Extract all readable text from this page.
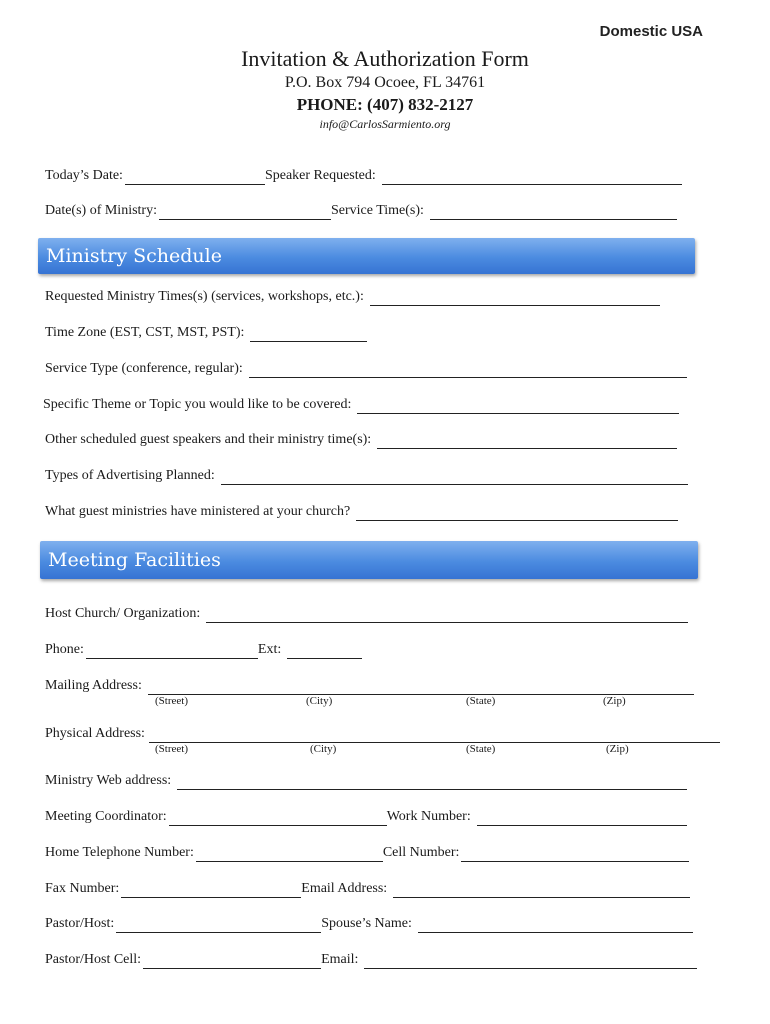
Domestic USA
Invitation & Authorization Form
P.O. Box 794 Ocoee, FL 34761
PHONE: (407) 832-2127
info@CarlosSarmiento.org
Today’s Date:	Speaker Requested:
Date(s) of Ministry:	Service Time(s):
Ministry Schedule
Requested Ministry Times(s) (services, workshops, etc.):
Time Zone (EST, CST, MST, PST):
Service Type (conference, regular):
Specific Theme or Topic you would like to be covered:
Other scheduled guest speakers and their ministry time(s):
Types of Advertising Planned:
What guest ministries have ministered at your church?
Meeting Facilities
Host Church/ Organization:
Phone:	Ext:
Mailing Address:
(Street)	(City)	(State)	(Zip)
Physical Address:
(Street)	(City)	(State)	(Zip)
Ministry Web address:
Meeting Coordinator:	Work Number:
Home Telephone Number:	Cell Number:
Fax Number:	Email Address:
Pastor/Host:	Spouse’s Name:
Pastor/Host Cell:	Email:
